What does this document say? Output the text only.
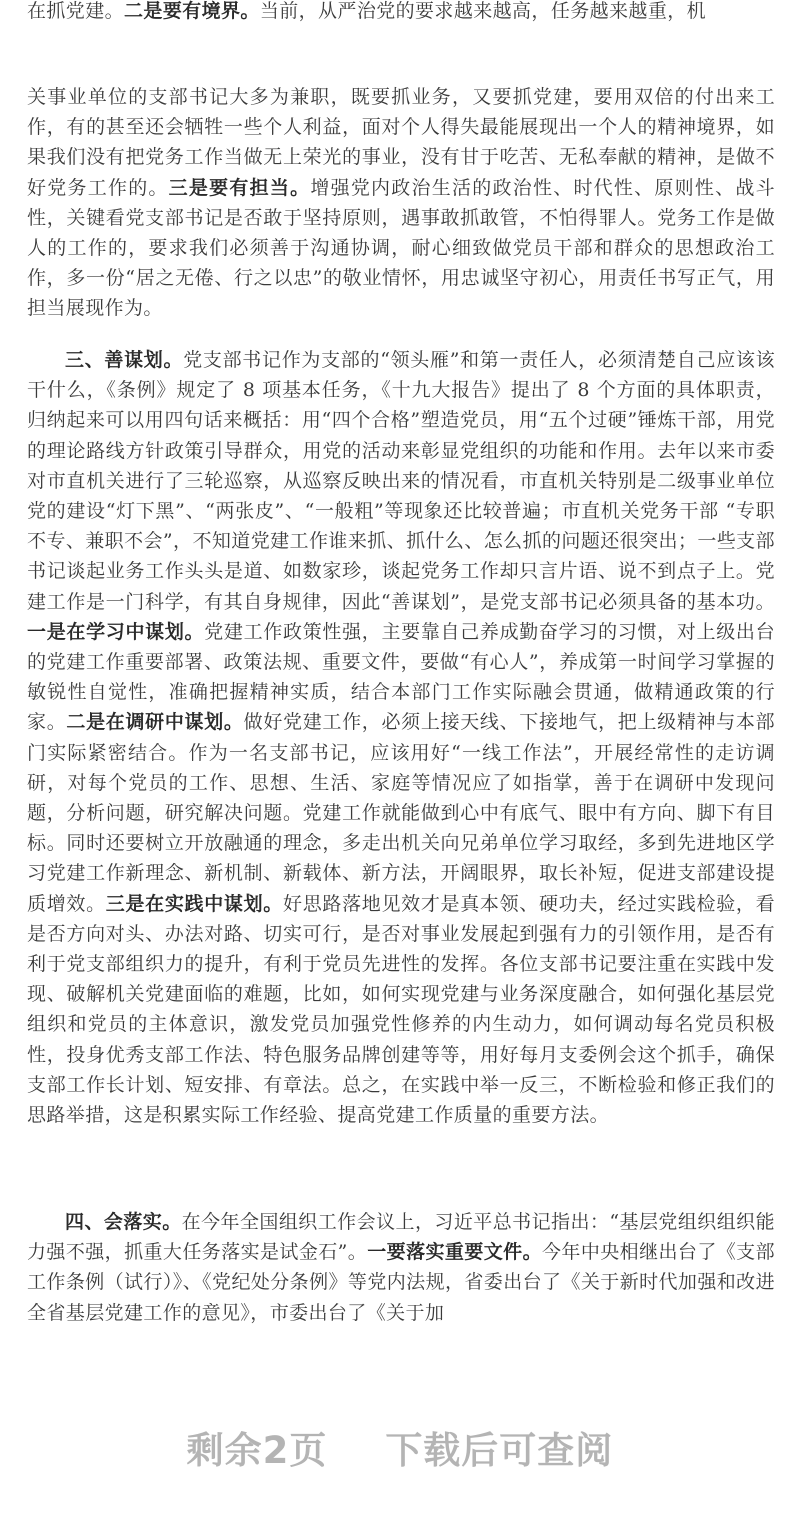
在抓党建。二是要有境界。当前，从严治党的要求越来越高，任务越来越重，机

关事业单位的支部书记大多为兼职，既要抓业务，又要抓党建，要用双倍的付出来工作，有的甚至还会牺牲一些个人利益，面对个人得失最能展现出一个人的精神境界，如果我们没有把党务工作当做无上荣光的事业，没有甘于吃苦、无私奉献的精神，是做不好党务工作的。三是要有担当。增强党内政治生活的政治性、时代性、原则性、战斗性，关键看党支部书记是否敢于坚持原则，遇事敢抓敢管，不怕得罪人。党务工作是做人的工作的，要求我们必须善于沟通协调，耐心细致做党员干部和群众的思想政治工作，多一份“居之无倦、行之以忠”的敬业情怀，用忠诚坚守初心，用责任书写正气，用担当展现作为。

三、善谋划。党支部书记作为支部的“领头雁”和第一责任人，必须清楚自己应该该干什么，《条例》规定了 8 项基本任务，《十九大报告》提出了 8 个方面的具体职责，归纳起来可以用四句话来概括：用“四个合格”塑造党员，用“五个过硬”锤炼干部，用党的理论路线方针政策引导群众，用党的活动来彰显党组织的功能和作用。去年以来市委对市直机关进行了三轮巡察，从巡察反映出来的情况看，市直机关特别是二级事业单位党的建设“灯下黑”、“两张皮”、“一般粗”等现象还比较普遍；市直机关党务干部 “专职不专、兼职不会”，不知道党建工作谁来抓、抓什么、怎么抓的问题还很突出；一些支部书记谈起业务工作头头是道、如数家珍，谈起党务工作却只言片语、说不到点子上。党建工作是一门科学，有其自身规律，因此“善谋划”，是党支部书记必须具备的基本功。一是在学习中谋划。党建工作政策性强，主要靠自己养成勤奋学习的习惯，对上级出台的党建工作重要部署、政策法规、重要文件，要做“有心人”，养成第一时间学习掌握的敏锐性自觉性，准确把握精神实质，结合本部门工作实际融会贯通，做精通政策的行家。二是在调研中谋划。做好党建工作，必须上接天线、下接地气，把上级精神与本部门实际紧密结合。作为一名支部书记，应该用好“一线工作法”，开展经常性的走访调研，对每个党员的工作、思想、生活、家庭等情况应了如指掌，善于在调研中发现问题，分析问题，研究解决问题。党建工作就能做到心中有底气、眼中有方向、脚下有目标。同时还要树立开放融通的理念，多走出机关向兄弟单位学习取经，多到先进地区学习党建工作新理念、新机制、新载体、新方法，开阔眼界，取长补短，促进支部建设提质增效。三是在实践中谋划。好思路落地见效才是真本领、硬功夫，经过实践检验，看是否方向对头、办法对路、切实可行，是否对事业发展起到强有力的引领作用，是否有利于党支部组织力的提升，有利于党员先进性的发挥。各位支部书记要注重在实践中发现、破解机关党建面临的难题，比如，如何实现党建与业务深度融合，如何强化基层党组织和党员的主体意识，激发党员加强党性修养的内生动力，如何调动每名党员积极性，投身优秀支部工作法、特色服务品牌创建等等，用好每月支委例会这个抓手，确保支部工作长计划、短安排、有章法。总之，在实践中举一反三，不断检验和修正我们的思路举措，这是积累实际工作经验、提高党建工作质量的重要方法。

四、会落实。在今年全国组织工作会议上，习近平总书记指出：“基层党组织组织能力强不强，抓重大任务落实是试金石”。一要落实重要文件。今年中央相继出台了《支部工作条例（试行）》、《党纪处分条例》等党内法规，省委出台了《关于新时代加强和改进全省基层党建工作的意见》，市委出台了《关于加

剩余2页 下载后可查阅
